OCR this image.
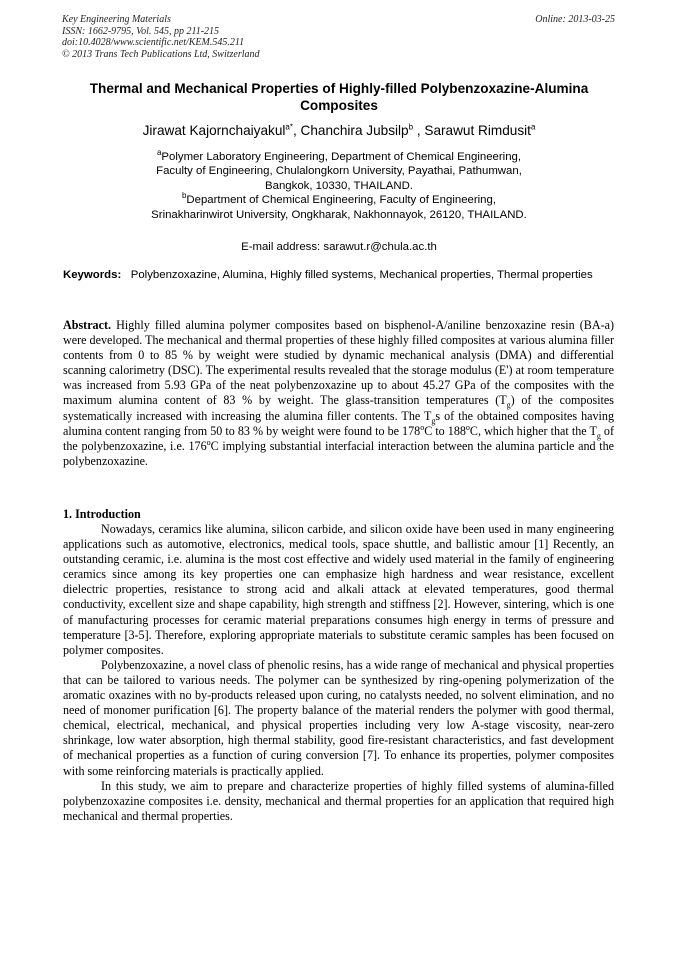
Key Engineering Materials
ISSN: 1662-9795, Vol. 545, pp 211-215
doi:10.4028/www.scientific.net/KEM.545.211
© 2013 Trans Tech Publications Ltd, Switzerland
Online: 2013-03-25
Thermal and Mechanical Properties of Highly-filled Polybenzoxazine-Alumina Composites
Jirawat Kajornchaiyakul$^{a*}$, Chanchira Jubsilp$^b$ , Sarawut Rimdusit$^a$
$^a$Polymer Laboratory Engineering, Department of Chemical Engineering,
Faculty of Engineering, Chulalongkorn University, Payathai, Pathumwan,
Bangkok, 10330, THAILAND.
$^b$Department of Chemical Engineering, Faculty of Engineering,
Srinakharinwirot University, Ongkharak, Nakhonnayok, 26120, THAILAND.
E-mail address: sarawut.r@chula.ac.th
Keywords: Polybenzoxazine, Alumina, Highly filled systems, Mechanical properties, Thermal properties
Abstract. Highly filled alumina polymer composites based on bisphenol-A/aniline benzoxazine resin (BA-a) were developed. The mechanical and thermal properties of these highly filled composites at various alumina filler contents from 0 to 85 % by weight were studied by dynamic mechanical analysis (DMA) and differential scanning calorimetry (DSC). The experimental results revealed that the storage modulus (E') at room temperature was increased from 5.93 GPa of the neat polybenzoxazine up to about 45.27 GPa of the composites with the maximum alumina content of 83 % by weight. The glass-transition temperatures $(T_g)$ of the composites systematically increased with increasing the alumina filler contents. The $T_gs$ of the obtained composites having alumina content ranging from 50 to 83 % by weight were found to be 178$^o$C to 188$^o$C, which higher that the $T_g$ of the polybenzoxazine, i.e. 176$^o$C implying substantial interfacial interaction between the alumina particle and the polybenzoxazine.
1. Introduction

Nowadays, ceramics like alumina, silicon carbide, and silicon oxide have been used in many engineering applications such as automotive, electronics, medical tools, space shuttle, and ballistic amour [1] Recently, an outstanding ceramic, i.e. alumina is the most cost effective and widely used material in the family of engineering ceramics since among its key properties one can emphasize high hardness and wear resistance, excellent dielectric properties, resistance to strong acid and alkali attack at elevated temperatures, good thermal conductivity, excellent size and shape capability, high strength and stiffness [2]. However, sintering, which is one of manufacturing processes for ceramic material preparations consumes high energy in terms of pressure and temperature [3-5]. Therefore, exploring appropriate materials to substitute ceramic samples has been focused on polymer composites.

Polybenzoxazine, a novel class of phenolic resins, has a wide range of mechanical and physical properties that can be tailored to various needs. The polymer can be synthesized by ring-opening polymerization of the aromatic oxazines with no by-products released upon curing, no catalysts needed, no solvent elimination, and no need of monomer purification [6]. The property balance of the material renders the polymer with good thermal, chemical, electrical, mechanical, and physical properties including very low A-stage viscosity, near-zero shrinkage, low water absorption, high thermal stability, good fire-resistant characteristics, and fast development of mechanical properties as a function of curing conversion [7]. To enhance its properties, polymer composites with some reinforcing materials is practically applied.

In this study, we aim to prepare and characterize properties of highly filled systems of alumina-filled polybenzoxazine composites i.e. density, mechanical and thermal properties for an application that required high mechanical and thermal properties.
